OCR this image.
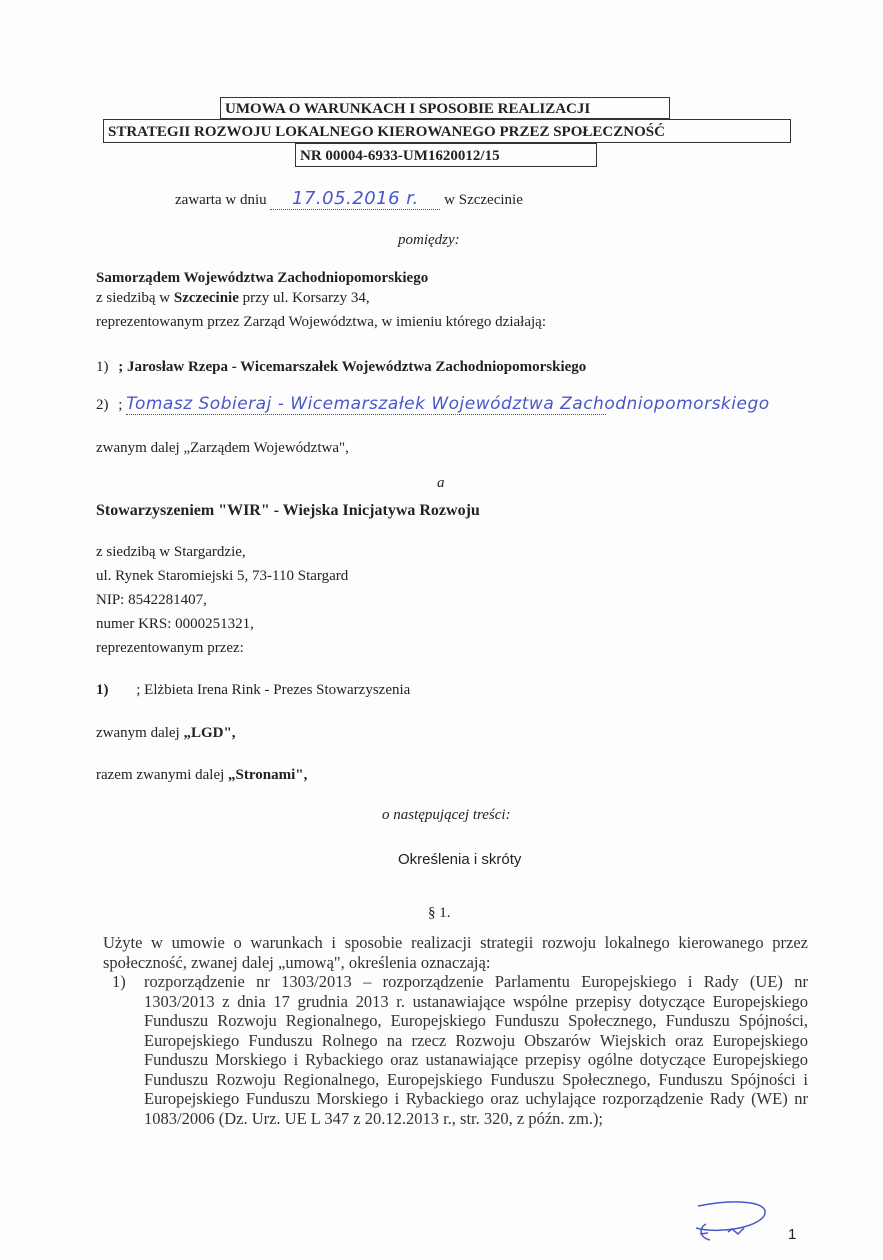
UMOWA O WARUNKACH I SPOSOBIE REALIZACJI
STRATEGII ROZWOJU LOKALNEGO KIEROWANEGO PRZEZ SPOŁECZNOŚĆ
NR 00004-6933-UM1620012/15
zawarta w dniu 17.05.2016 r. w Szczecinie
pomiędzy:
Samorządem Województwa Zachodniopomorskiego
z siedzibą w Szczecinie przy ul. Korsarzy 34,
reprezentowanym przez Zarząd Województwa, w imieniu którego działają:
1) ; Jarosław Rzepa - Wicemarszałek Województwa Zachodniopomorskiego
2) ; Tomasz Sobieraj - Wicemarszałek Województwa Zachodniopomorskiego
zwanym dalej „Zarządem Województwa",
a
Stowarzyszeniem "WIR" - Wiejska Inicjatywa Rozwoju
z siedzibą w Stargardzie,
ul. Rynek Staromiejski 5, 73-110 Stargard
NIP: 8542281407,
numer KRS: 0000251321,
reprezentowanym przez:
1) ; Elżbieta Irena Rink - Prezes Stowarzyszenia
zwanym dalej „LGD",
razem zwanymi dalej „Stronami",
o następującej treści:
Określenia i skróty
§ 1.
Użyte w umowie o warunkach i sposobie realizacji strategii rozwoju lokalnego kierowanego przez społeczność, zwanej dalej „umową", określenia oznaczają:
1) rozporządzenie nr 1303/2013 – rozporządzenie Parlamentu Europejskiego i Rady (UE) nr 1303/2013 z dnia 17 grudnia 2013 r. ustanawiające wspólne przepisy dotyczące Europejskiego Funduszu Rozwoju Regionalnego, Europejskiego Funduszu Społecznego, Funduszu Spójności, Europejskiego Funduszu Rolnego na rzecz Rozwoju Obszarów Wiejskich oraz Europejskiego Funduszu Morskiego i Rybackiego oraz ustanawiające przepisy ogólne dotyczące Europejskiego Funduszu Rozwoju Regionalnego, Europejskiego Funduszu Społecznego, Funduszu Spójności i Europejskiego Funduszu Morskiego i Rybackiego oraz uchylające rozporządzenie Rady (WE) nr 1083/2006 (Dz. Urz. UE L 347 z 20.12.2013 r., str. 320, z późn. zm.);
1
